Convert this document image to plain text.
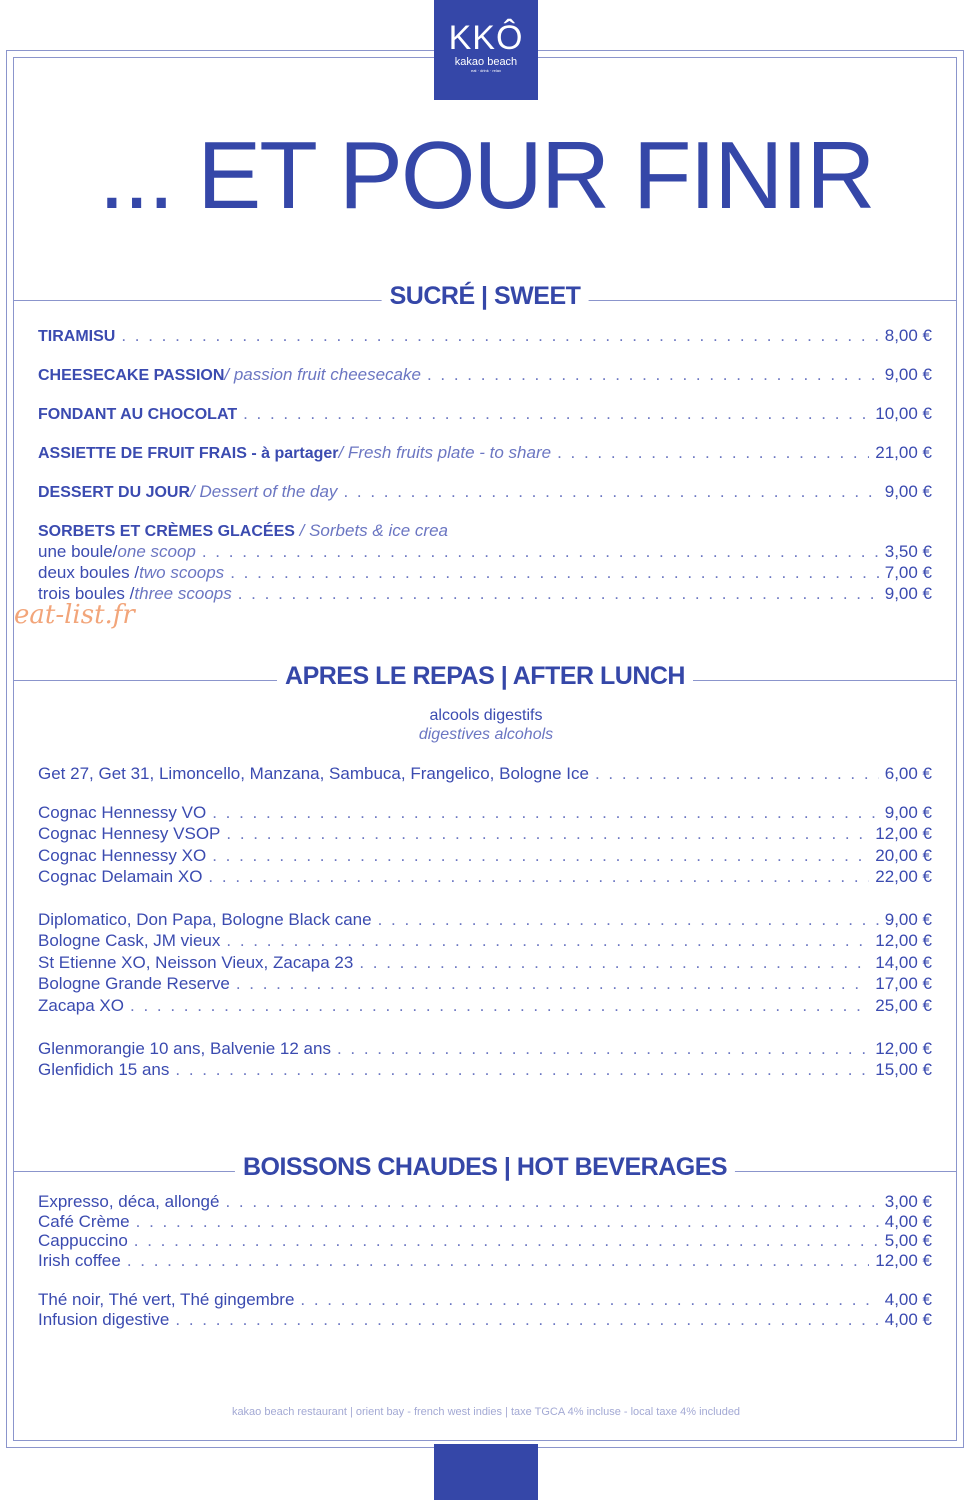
KKÔ
kakao beach
eat · drink · relax
... ET POUR FINIR
SUCRÉ | SWEET
TIRAMISU . . .	8,00 €
CHEESECAKE PASSION / passion fruit cheesecake . . .	9,00 €
FONDANT AU CHOCOLAT . . .	10,00 €
ASSIETTE DE FRUIT FRAIS - à partager / Fresh fruits plate - to share . . .	21,00 €
DESSERT DU JOUR / Dessert of the day . . .	9,00 €
SORBETS ET CRÈMES GLACÉES / Sorbets & ice crea
une boule/ one scoop . . .	3,50 €
deux boules / two scoops . . .	7,00 €
trois boules / three scoops . . .	9,00 €
eat-list.fr
APRES LE REPAS | AFTER LUNCH
alcools digestifs
digestives alcohols
Get 27, Get 31, Limoncello, Manzana, Sambuca, Frangelico, Bologne Ice . . .	6,00 €
Cognac Hennessy VO . . .	9,00 €
Cognac Hennesy VSOP . . .	12,00 €
Cognac Hennessy XO . . .	20,00 €
Cognac Delamain XO . . .	22,00 €
Diplomatico, Don Papa, Bologne Black cane . . .	9,00 €
Bologne Cask, JM vieux . . .	12,00 €
St Etienne XO, Neisson Vieux, Zacapa 23 . . .	14,00 €
Bologne Grande Reserve . . .	17,00 €
Zacapa XO . . .	25,00 €
Glenmorangie 10 ans, Balvenie 12 ans . . .	12,00 €
Glenfidich 15 ans . . .	15,00 €
BOISSONS CHAUDES | HOT BEVERAGES
Expresso, déca, allongé . . .	3,00 €
Café Crème . . .	4,00 €
Cappuccino . . .	5,00 €
Irish coffee . . .	12,00 €
Thé noir, Thé vert, Thé gingembre . . .	4,00 €
Infusion digestive . . .	4,00 €
kakao beach restaurant | orient bay - french west indies | taxe TGCA 4% incluse - local taxe 4% included
